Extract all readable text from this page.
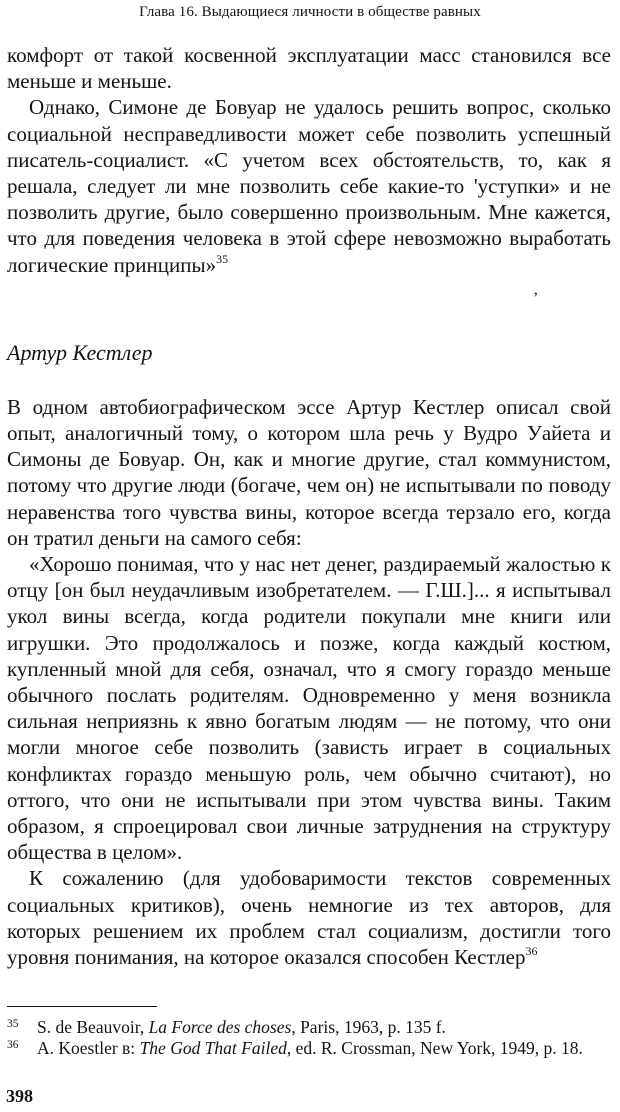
Глава 16. Выдающиеся личности в обществе равных

комфорт от такой косвенной эксплуатации масс становился все меньше и меньше.

Однако, Симоне де Бовуар не удалось решить вопрос, сколько социальной несправедливости может себе позволить успешный писатель-социалист. «С учетом всех обстоятельств, то, как я решала, следует ли мне позволить себе какие-то 'уступки» и не позволить другие, было совершенно произвольным. Мне кажется, что для поведения человека в этой сфере невозможно выработать логические принципы»$^{35}$

Артур Кестлер

В одном автобиографическом эссе Артур Кестлер описал свой опыт, аналогичный тому, о котором шла речь у Вудро Уайета и Симоны де Бовуар. Он, как и многие другие, стал коммунистом, потому что другие люди (богаче, чем он) не испытывали по поводу неравенства того чувства вины, которое всегда терзало его, когда он тратил деньги на самого себя:

«Хорошо понимая, что у нас нет денег, раздираемый жалостью к отцу [он был неудачливым изобретателем. — Г.Ш.]... я испытывал укол вины всегда, когда родители покупали мне книги или игрушки. Это продолжалось и позже, когда каждый костюм, купленный мной для себя, означал, что я смогу гораздо меньше обычного послать родителям. Одновременно у меня возникла сильная неприязнь к явно богатым людям — не потому, что они могли многое себе позволить (зависть играет в социальных конфликтах гораздо меньшую роль, чем обычно считают), но оттого, что они не испытывали при этом чувства вины. Таким образом, я спроецировал свои личные затруднения на структуру общества в целом».

К сожалению (для удобоваримости текстов современных социальных критиков), очень немногие из тех авторов, для которых решением их проблем стал социализм, достигли того уровня понимания, на которое оказался способен Кестлер$^{36}$

35	S. de Beauvoir, La Force des choses, Paris, 1963, p. 135 f.
36	A. Koestler в: The God That Failed, ed. R. Crossman, New York, 1949, p. 18.
ʼ
398
